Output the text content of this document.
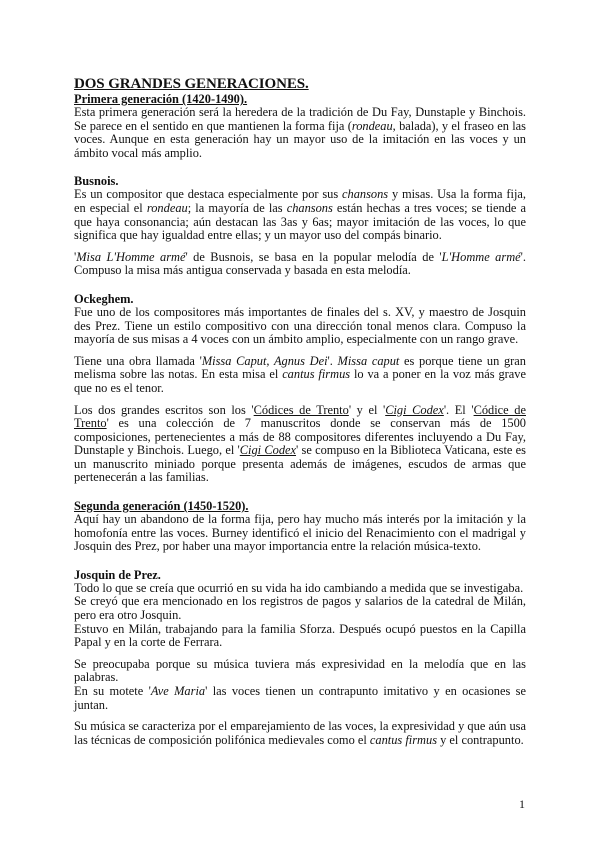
DOS GRANDES GENERACIONES.
Primera generación (1420-1490).

Esta primera generación será la heredera de la tradición de Du Fay, Dunstaple y Binchois. Se parece en el sentido en que mantienen la forma fija (rondeau, balada), y el fraseo en las voces. Aunque en esta generación hay un mayor uso de la imitación en las voces y un ámbito vocal más amplio.

Busnois.

Es un compositor que destaca especialmente por sus chansons y misas. Usa la forma fija, en especial el rondeau; la mayoría de las chansons están hechas a tres voces; se tiende a que haya consonancia; aún destacan las 3as y 6as; mayor imitación de las voces, lo que significa que hay igualdad entre ellas; y un mayor uso del compás binario.

'Misa L'Homme armé' de Busnois, se basa en la popular melodía de 'L'Homme armé'. Compuso la misa más antigua conservada y basada en esta melodía.

Ockeghem.

Fue uno de los compositores más importantes de finales del s. XV, y maestro de Josquin des Prez. Tiene un estilo compositivo con una dirección tonal menos clara. Compuso la mayoría de sus misas a 4 voces con un ámbito amplio, especialmente con un rango grave.

Tiene una obra llamada 'Missa Caput, Agnus Dei'. Missa caput es porque tiene un gran melisma sobre las notas. En esta misa el cantus firmus lo va a poner en la voz más grave que no es el tenor.

Los dos grandes escritos son los 'Códices de Trento' y el 'Cigi Codex'. El 'Códice de Trento' es una colección de 7 manuscritos donde se conservan más de 1500 composiciones, pertenecientes a más de 88 compositores diferentes incluyendo a Du Fay, Dunstaple y Binchois. Luego, el 'Cigi Codex' se compuso en la Biblioteca Vaticana, este es un manuscrito miniado porque presenta además de imágenes, escudos de armas que pertenecerán a las familias.

Segunda generación (1450-1520).

Aquí hay un abandono de la forma fija, pero hay mucho más interés por la imitación y la homofonía entre las voces. Burney identificó el inicio del Renacimiento con el madrigal y Josquin des Prez, por haber una mayor importancia entre la relación música-texto.

Josquin de Prez.

Todo lo que se creía que ocurrió en su vida ha ido cambiando a medida que se investigaba.

Se creyó que era mencionado en los registros de pagos y salarios de la catedral de Milán, pero era otro Josquin.

Estuvo en Milán, trabajando para la familia Sforza. Después ocupó puestos en la Capilla Papal y en la corte de Ferrara.

Se preocupaba porque su música tuviera más expresividad en la melodía que en las palabras.

En su motete 'Ave Maria' las voces tienen un contrapunto imitativo y en ocasiones se juntan.

Su música se caracteriza por el emparejamiento de las voces, la expresividad y que aún usa las técnicas de composición polifónica medievales como el cantus firmus y el contrapunto.

1
